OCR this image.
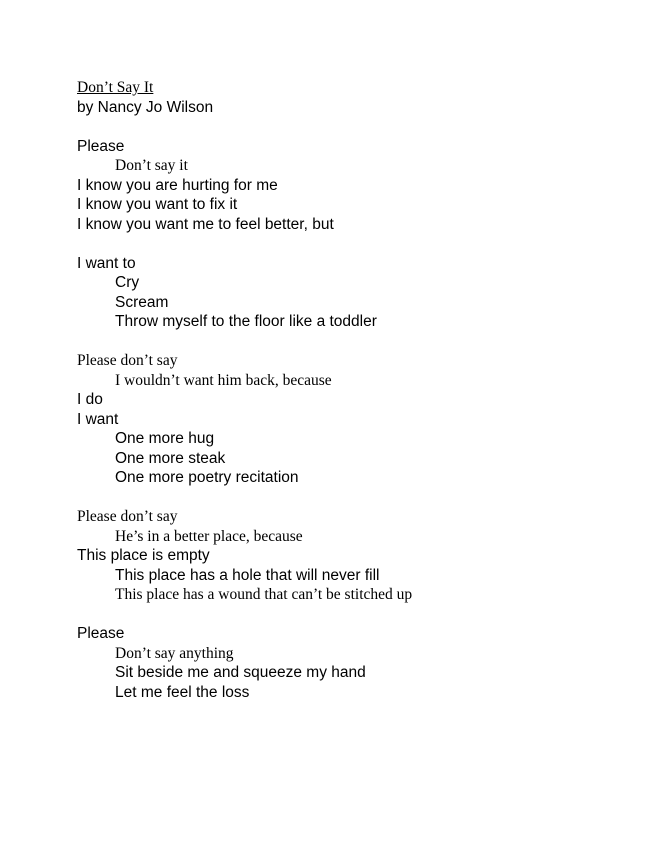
Don’t Say It
by Nancy Jo Wilson
Please
Don’t say it
I know you are hurting for me
I know you want to fix it
I know you want me to feel better, but
I want to
Cry
Scream
Throw myself to the floor like a toddler
Please don’t say
I wouldn’t want him back, because
I do
I want
One more hug
One more steak
One more poetry recitation
Please don’t say
He’s in a better place, because
This place is empty
This place has a hole that will never fill
This place has a wound that can’t be stitched up
Please
Don’t say anything
Sit beside me and squeeze my hand
Let me feel the loss
